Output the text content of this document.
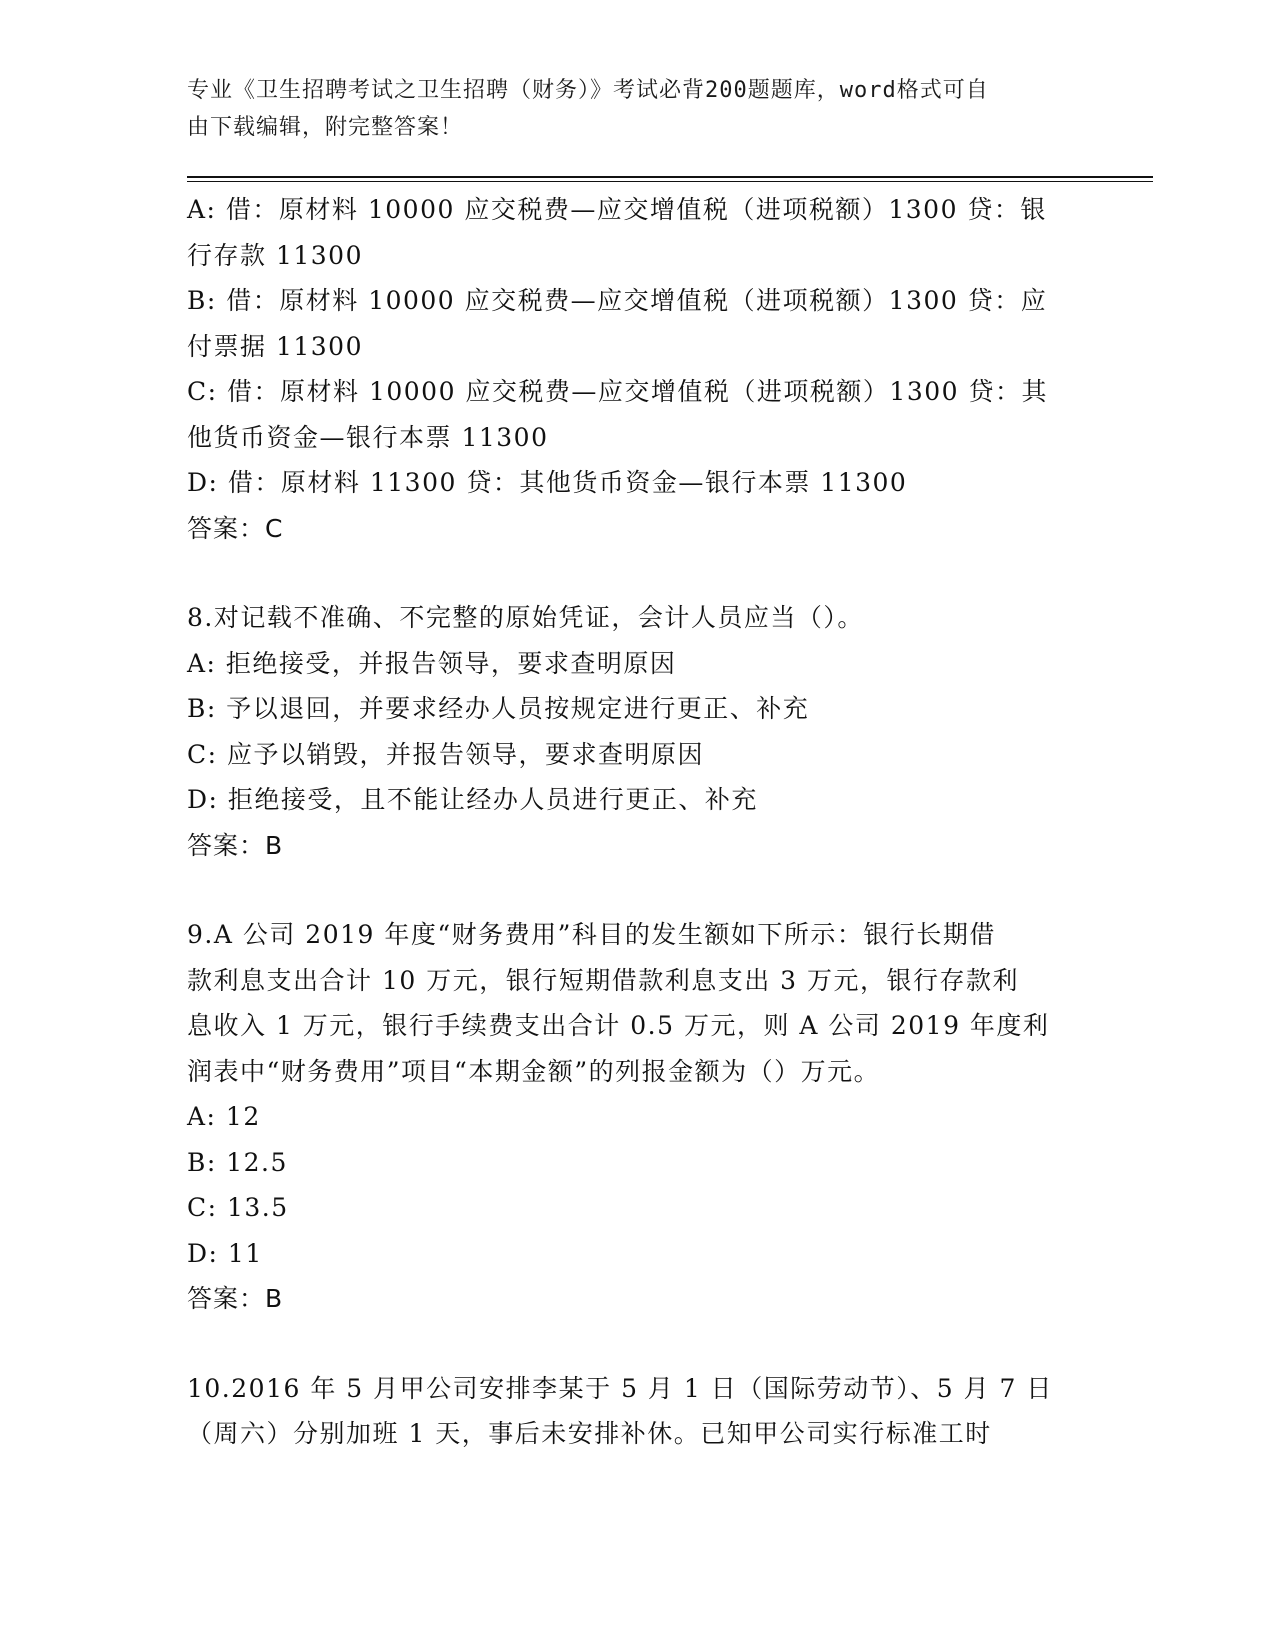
专业《卫生招聘考试之卫生招聘（财务）》考试必背200题题库，word格式可自
由下载编辑，附完整答案！
A: 借：原材料 10000 应交税费—应交增值税（进项税额）1300 贷：银
行存款 11300
B: 借：原材料 10000 应交税费—应交增值税（进项税额）1300 贷：应
付票据 11300
C: 借：原材料 10000 应交税费—应交增值税（进项税额）1300 贷：其
他货币资金—银行本票 11300
D: 借：原材料 11300 贷：其他货币资金—银行本票 11300
答案：C
8.对记载不准确、不完整的原始凭证，会计人员应当（）。
A: 拒绝接受，并报告领导，要求查明原因
B: 予以退回，并要求经办人员按规定进行更正、补充
C: 应予以销毁，并报告领导，要求查明原因
D: 拒绝接受，且不能让经办人员进行更正、补充
答案：B
9.A 公司 2019 年度“财务费用”科目的发生额如下所示：银行长期借
款利息支出合计 10 万元，银行短期借款利息支出 3 万元，银行存款利
息收入 1 万元，银行手续费支出合计 0.5 万元，则 A 公司 2019 年度利
润表中“财务费用”项目“本期金额”的列报金额为（）万元。
A: 12
B: 12.5
C: 13.5
D: 11
答案：B
10.2016 年 5 月甲公司安排李某于 5 月 1 日（国际劳动节）、5 月 7 日
（周六）分别加班 1 天，事后未安排补休。已知甲公司实行标准工时
